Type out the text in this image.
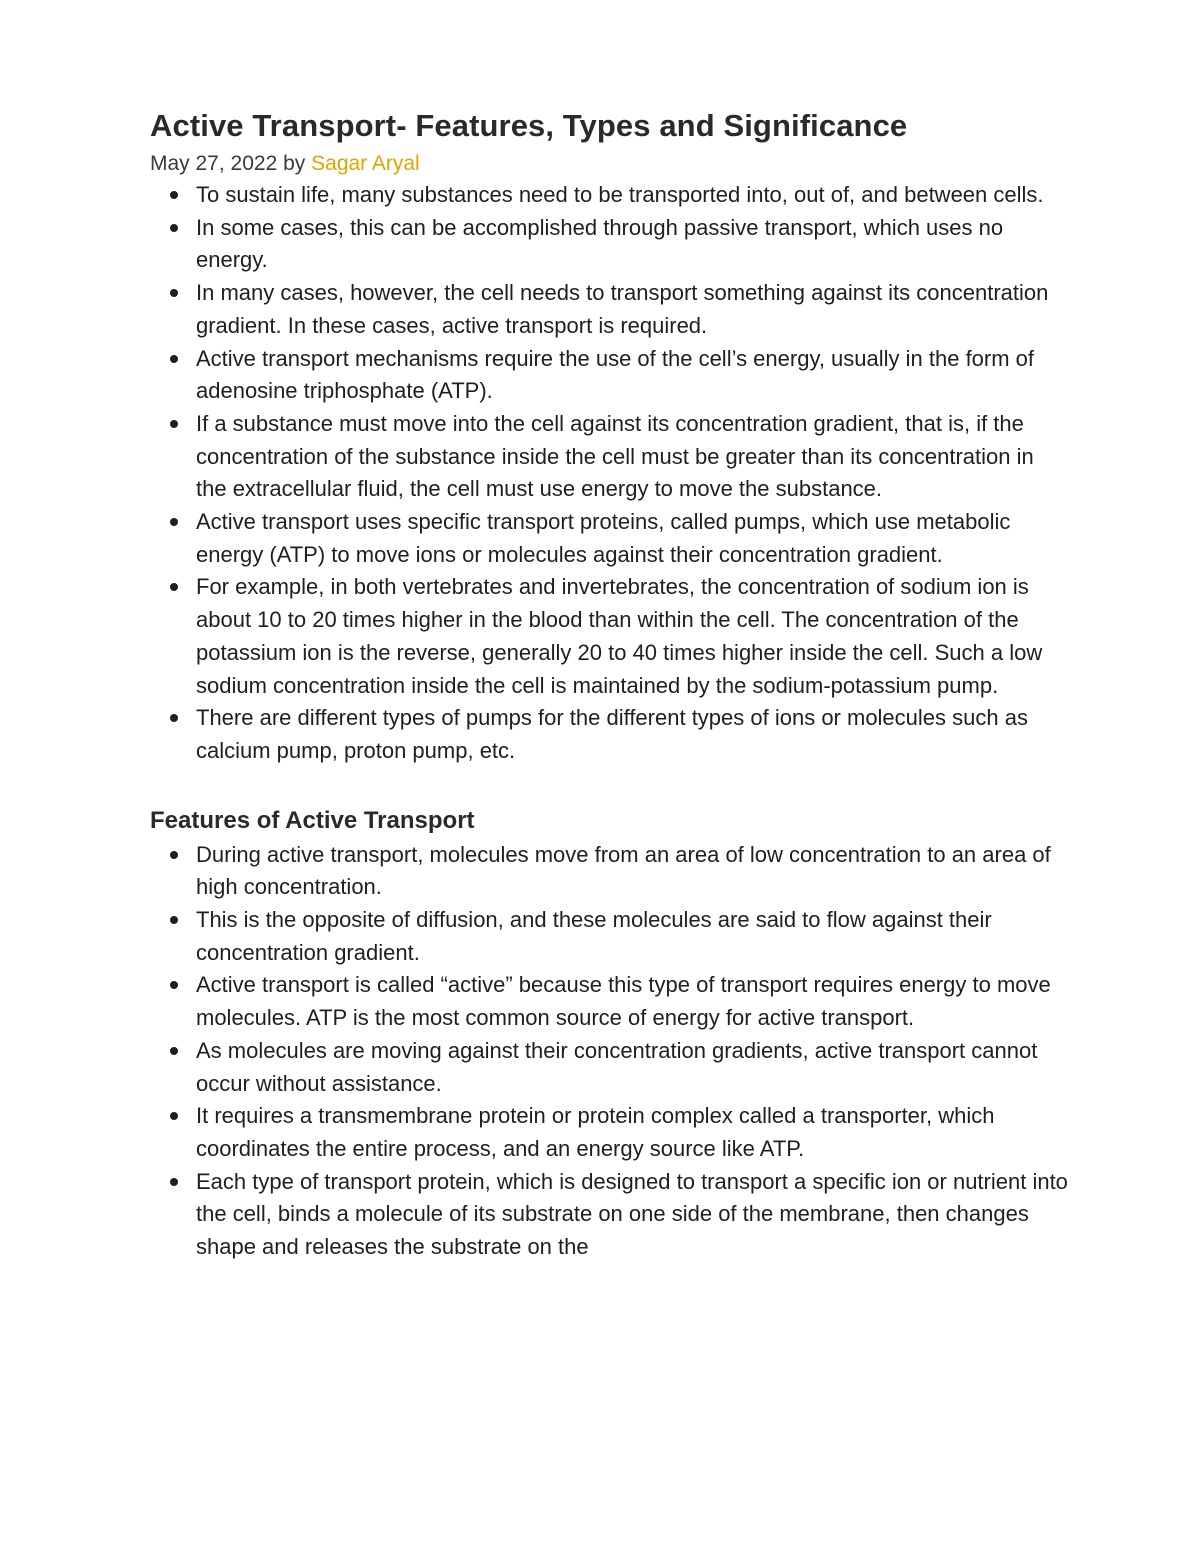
Active Transport- Features, Types and Significance
May 27, 2022 by Sagar Aryal
To sustain life, many substances need to be transported into, out of, and between cells.
In some cases, this can be accomplished through passive transport, which uses no energy.
In many cases, however, the cell needs to transport something against its concentration gradient. In these cases, active transport is required.
Active transport mechanisms require the use of the cell’s energy, usually in the form of adenosine triphosphate (ATP).
If a substance must move into the cell against its concentration gradient, that is, if the concentration of the substance inside the cell must be greater than its concentration in the extracellular fluid, the cell must use energy to move the substance.
Active transport uses specific transport proteins, called pumps, which use metabolic energy (ATP) to move ions or molecules against their concentration gradient.
For example, in both vertebrates and invertebrates, the concentration of sodium ion is about 10 to 20 times higher in the blood than within the cell. The concentration of the potassium ion is the reverse, generally 20 to 40 times higher inside the cell. Such a low sodium concentration inside the cell is maintained by the sodium-potassium pump.
There are different types of pumps for the different types of ions or molecules such as calcium pump, proton pump, etc.
Features of Active Transport
During active transport, molecules move from an area of low concentration to an area of high concentration.
This is the opposite of diffusion, and these molecules are said to flow against their concentration gradient.
Active transport is called “active” because this type of transport requires energy to move molecules. ATP is the most common source of energy for active transport.
As molecules are moving against their concentration gradients, active transport cannot occur without assistance.
It requires a transmembrane protein or protein complex called a transporter, which coordinates the entire process, and an energy source like ATP.
Each type of transport protein, which is designed to transport a specific ion or nutrient into the cell, binds a molecule of its substrate on one side of the membrane, then changes shape and releases the substrate on the
